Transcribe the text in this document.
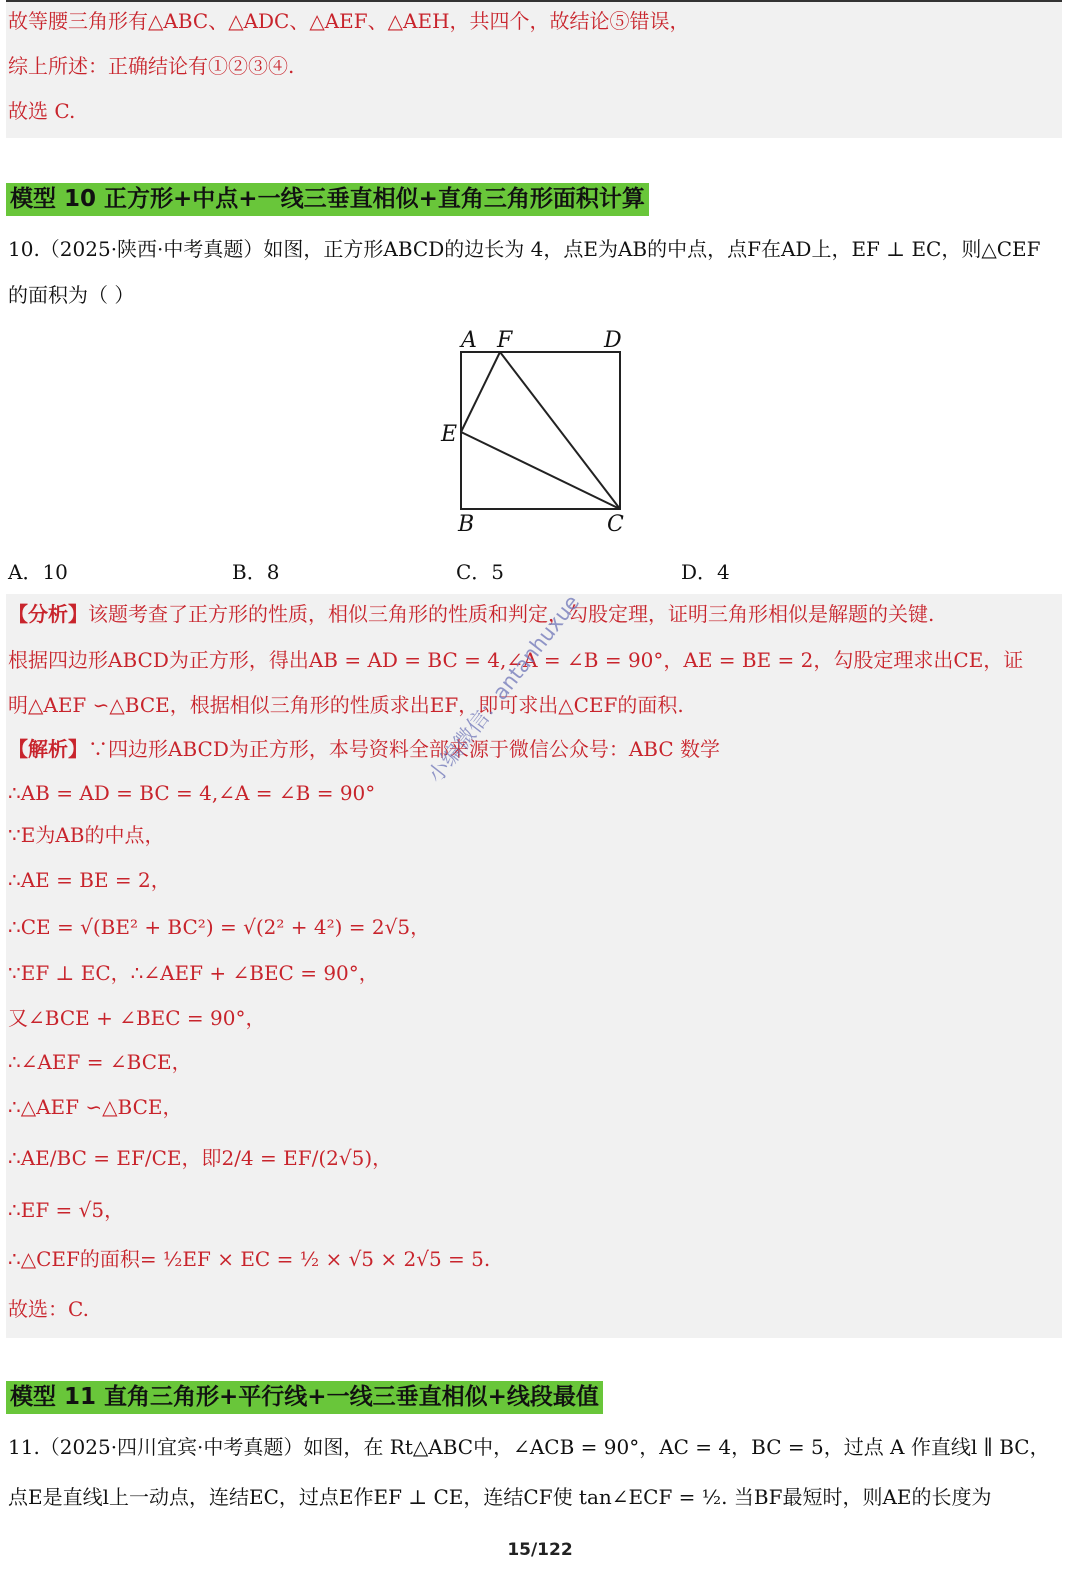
故等腰三角形有△ABC、△ADC、△AEF、△AEH，共四个，故结论⑤错误，
综上所述：正确结论有①②③④.
故选 C.
模型 10 正方形+中点+一线三垂直相似+直角三角形面积计算
10.（2025·陕西·中考真题）如图，正方形ABCD的边长为 4，点E为AB的中点，点F在AD上，EF ⊥ EC，则△CEF
的面积为（ ）
A F	D
E
B	C
A．10	B．8	C．5	D．4
【分析】该题考查了正方形的性质，相似三角形的性质和判定，勾股定理，证明三角形相似是解题的关键.
根据四边形ABCD为正方形，得出AB = AD = BC = 4,∠A = ∠B = 90°，AE = BE = 2，勾股定理求出CE，证
明△AEF ∽△BCE，根据相似三角形的性质求出EF，即可求出△CEF的面积.
【解析】∵四边形ABCD为正方形，本号资料全部来源于微信公众号：ABC 数学
∴AB = AD = BC = 4,∠A = ∠B = 90°
∵E为AB的中点，
∴AE = BE = 2，
∴CE = √(BE² + BC²) = √(2² + 4²) = 2√5，
∵EF ⊥ EC，∴∠AEF + ∠BEC = 90°，
又∠BCE + ∠BEC = 90°，
∴∠AEF = ∠BCE，
∴△AEF ∽△BCE，
∴AE/BC = EF/CE，即2/4 = EF/(2√5)，
∴EF = √5，
∴△CEF的面积= ½EF × EC = ½ × √5 × 2√5 = 5.
故选：C.
小编微信：antanhuxue
模型 11 直角三角形+平行线+一线三垂直相似+线段最值
11.（2025·四川宜宾·中考真题）如图，在 Rt△ABC中，∠ACB = 90°，AC = 4，BC = 5，过点 A 作直线l ∥ BC，
点E是直线l上一动点，连结EC，过点E作EF ⊥ CE，连结CF使 tan∠ECF = ½. 当BF最短时，则AE的长度为
15/122
